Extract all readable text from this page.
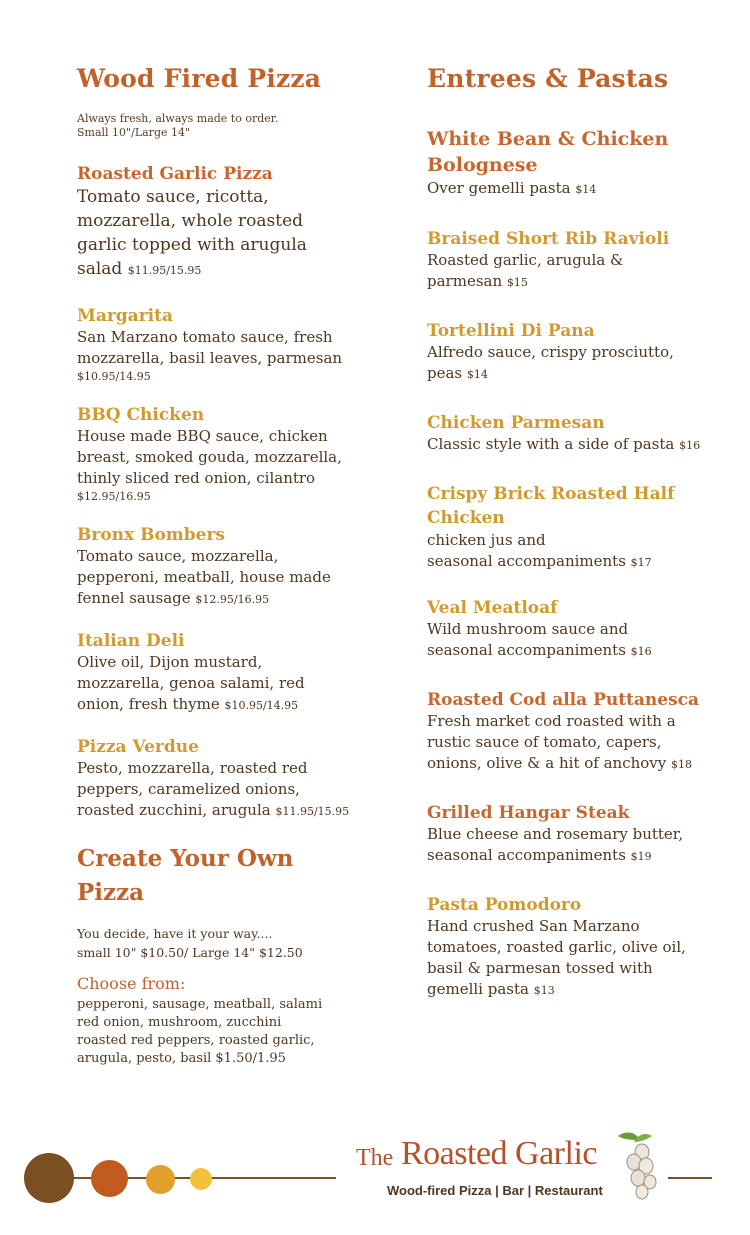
Wood Fired Pizza
Always fresh, always made to order.
Small 10"/Large 14"
Roasted Garlic Pizza
Tomato sauce, ricotta,
mozzarella, whole roasted
garlic topped with arugula
salad $11.95/15.95
Margarita
San Marzano tomato sauce, fresh
mozzarella, basil leaves, parmesan
$10.95/14.95
BBQ Chicken
House made BBQ sauce, chicken
breast, smoked gouda, mozzarella,
thinly sliced red onion, cilantro
$12.95/16.95
Bronx Bombers
Tomato sauce, mozzarella,
pepperoni, meatball, house made
fennel sausage $12.95/16.95
Italian Deli
Olive oil, Dijon mustard,
mozzarella, genoa salami, red
onion, fresh thyme $10.95/14.95
Pizza Verdue
Pesto, mozzarella, roasted red
peppers, caramelized onions,
roasted zucchini, arugula $11.95/15.95
Create Your Own
Pizza
You decide, have it your way....
small 10" $10.50/ Large 14" $12.50
Choose from:
pepperoni, sausage, meatball, salami
red onion, mushroom, zucchini
roasted red peppers, roasted garlic,
arugula, pesto, basil $1.50/1.95
Entrees & Pastas
White Bean & Chicken
Bolognese
Over gemelli pasta $14
Braised Short Rib Ravioli
Roasted garlic, arugula &
parmesan $15
Tortellini Di Pana
Alfredo sauce, crispy prosciutto,
peas $14
Chicken Parmesan
Classic style with a side of pasta $16
Crispy Brick Roasted Half
Chicken
chicken jus and
seasonal accompaniments $17
Veal Meatloaf
Wild mushroom sauce and
seasonal accompaniments $16
Roasted Cod alla Puttanesca
Fresh market cod roasted with a
rustic sauce of tomato, capers,
onions, olive & a hit of anchovy $18
Grilled Hangar Steak
Blue cheese and rosemary butter,
seasonal accompaniments $19
Pasta Pomodoro
Hand crushed San Marzano
tomatoes, roasted garlic, olive oil,
basil & parmesan tossed with
gemelli pasta $13
The Roasted Garlic
Wood-fired Pizza | Bar | Restaurant
